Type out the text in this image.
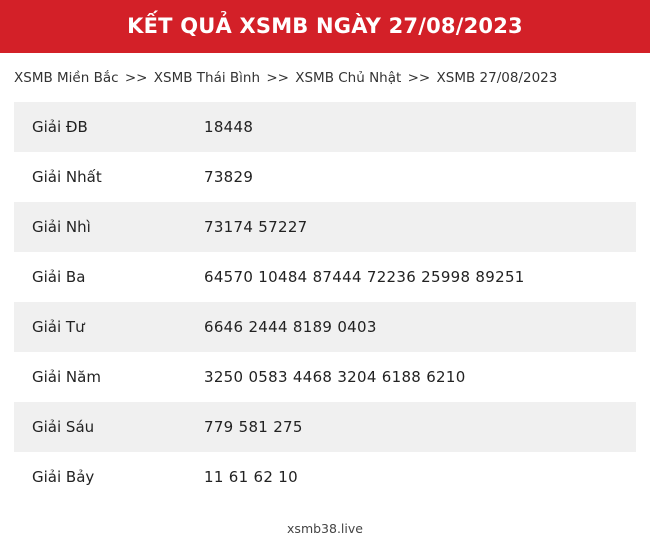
KẾT QUẢ XSMB NGÀY 27/08/2023
XSMB Miền Bắc >> XSMB Thái Bình >> XSMB Chủ Nhật >> XSMB 27/08/2023
Giải ĐB	18448
Giải Nhất	73829
Giải Nhì	73174 57227
Giải Ba	64570 10484 87444 72236 25998 89251
Giải Tư	6646 2444 8189 0403
Giải Năm	3250 0583 4468 3204 6188 6210
Giải Sáu	779 581 275
Giải Bảy	11 61 62 10
xsmb38.live
